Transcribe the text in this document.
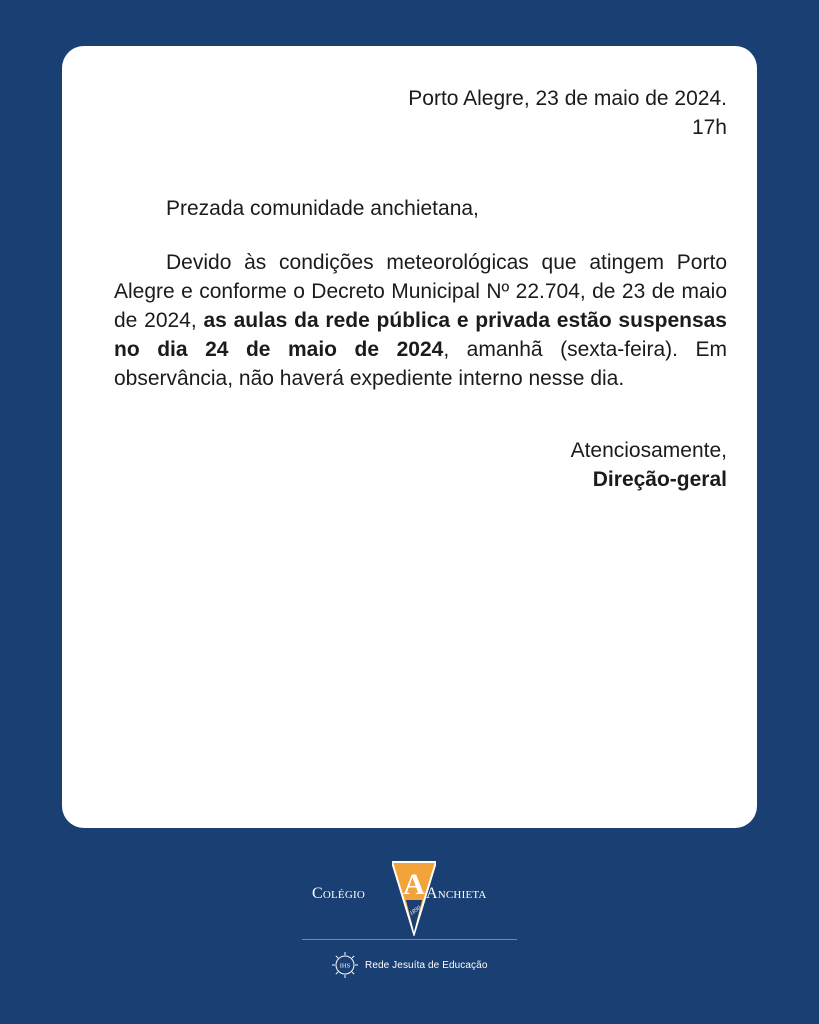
Porto Alegre, 23 de maio de 2024.
17h
Prezada comunidade anchietana,
Devido às condições meteorológicas que atingem Porto Alegre e conforme o Decreto Municipal Nº 22.704, de 23 de maio de 2024, as aulas da rede pública e privada estão suspensas no dia 24 de maio de 2024, amanhã (sexta-feira). Em observância, não haverá expediente interno nesse dia.
Atenciosamente,
Direção-geral
Colégio A
1890
Anchieta
IHS Rede Jesuíta de Educação
